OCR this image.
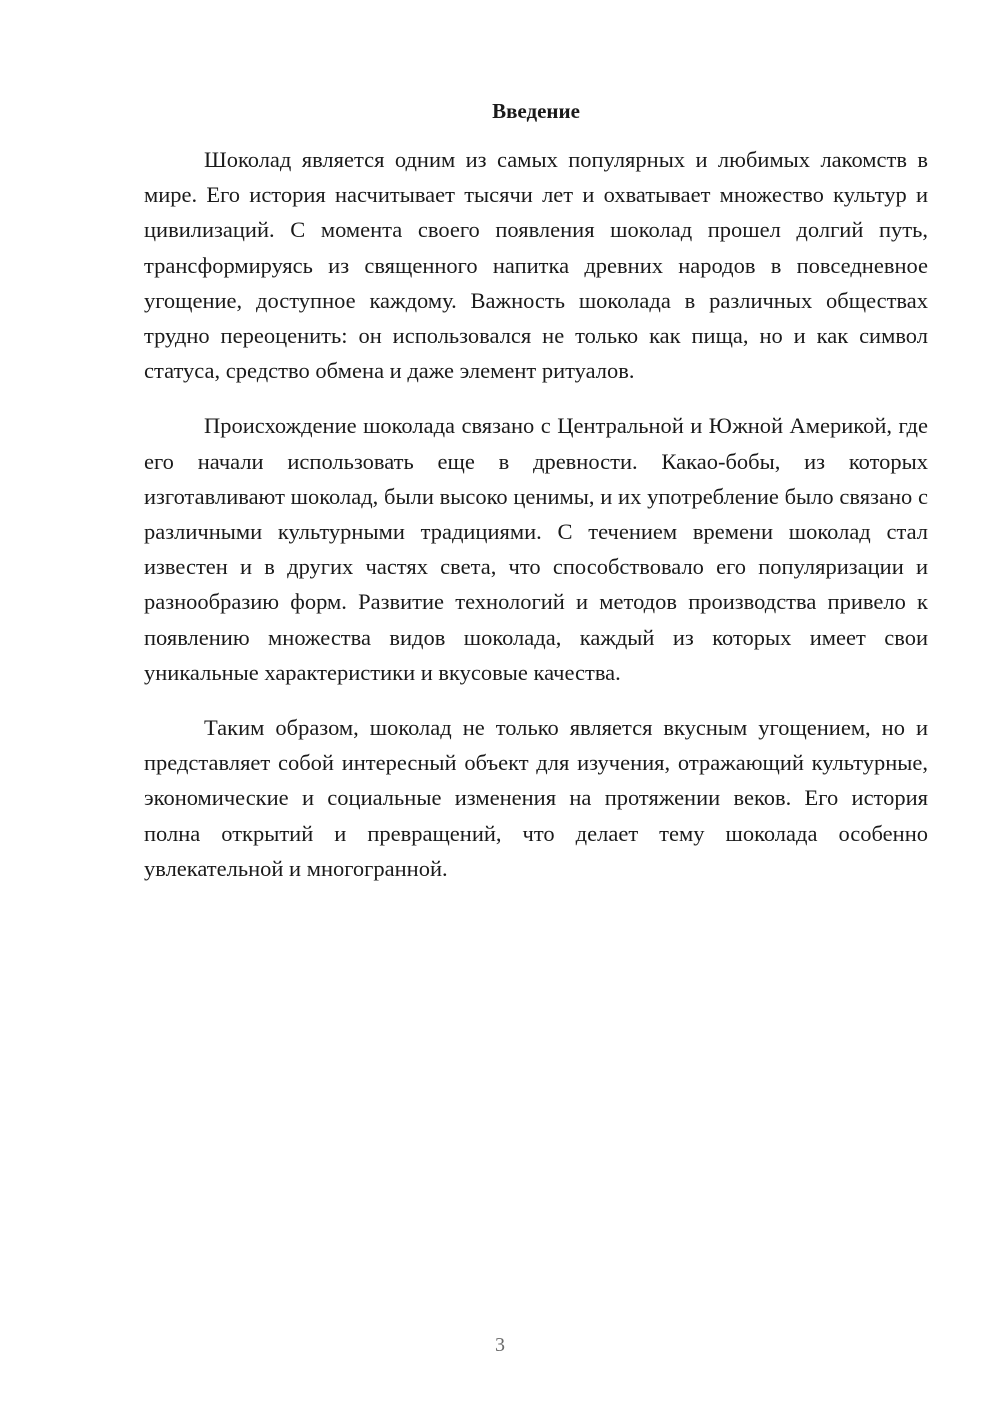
Введение

Шоколад является одним из самых популярных и любимых лакомств в мире. Его история насчитывает тысячи лет и охватывает множество культур и цивилизаций. С момента своего появления шоколад прошел долгий путь, трансформируясь из священного напитка древних народов в повседневное угощение, доступное каждому. Важность шоколада в различных обществах трудно переоценить: он использовался не только как пища, но и как символ статуса, средство обмена и даже элемент ритуалов.

Происхождение шоколада связано с Центральной и Южной Америкой, где его начали использовать еще в древности. Какао-бобы, из которых изготавливают шоколад, были высоко ценимы, и их употребление было связано с различными культурными традициями. С течением времени шоколад стал известен и в других частях света, что способствовало его популяризации и разнообразию форм. Развитие технологий и методов производства привело к появлению множества видов шоколада, каждый из которых имеет свои уникальные характеристики и вкусовые качества.

Таким образом, шоколад не только является вкусным угощением, но и представляет собой интересный объект для изучения, отражающий культурные, экономические и социальные изменения на протяжении веков. Его история полна открытий и превращений, что делает тему шоколада особенно увлекательной и многогранной.

3
